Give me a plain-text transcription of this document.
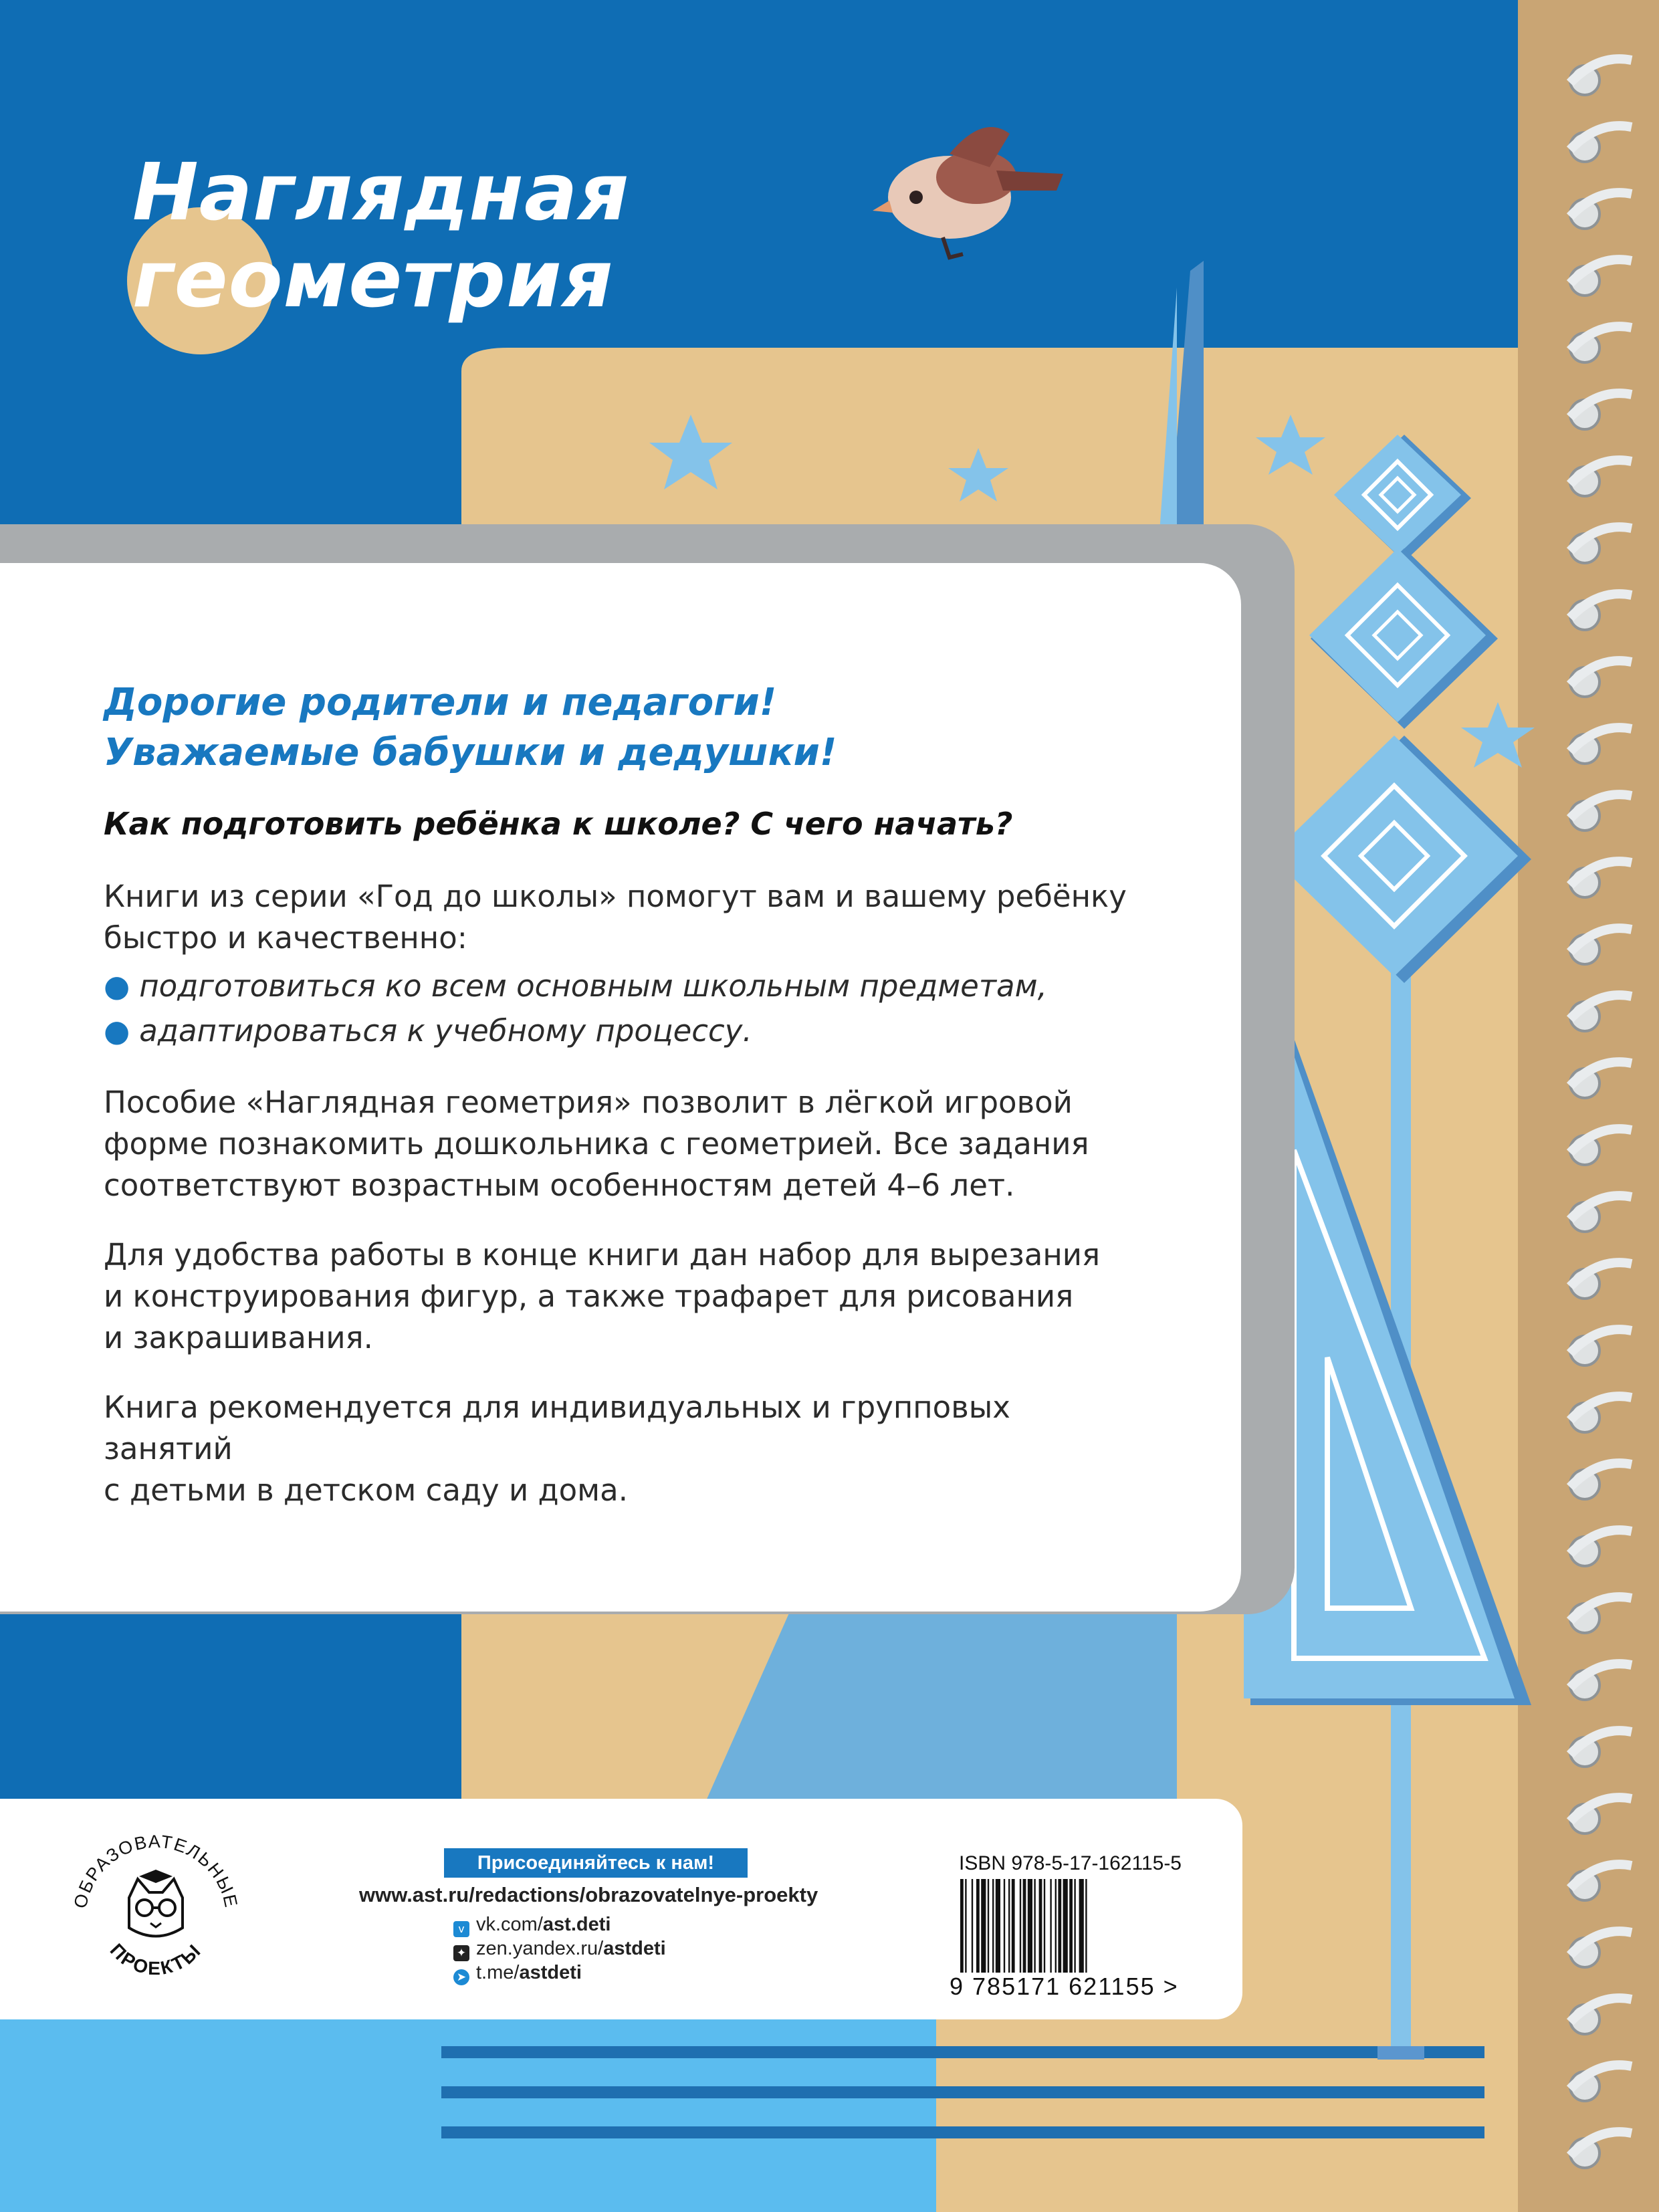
Наглядная
геометрия
Дорогие родители и педагоги!
Уважаемые бабушки и дедушки!
Как подготовить ребёнка к школе? С чего начать?
Книги из серии «Год до школы» помогут вам и вашему ребёнку
быстро и качественно:
● подготовиться ко всем основным школьным предметам,
● адаптироваться к учебному процессу.
Пособие «Наглядная геометрия» позволит в лёгкой игровой
форме познакомить дошкольника с геометрией. Все задания
соответствуют возрастным особенностям детей 4–6 лет.
Для удобства работы в конце книги дан набор для вырезания
и конструирования фигур, а также трафарет для рисования
и закрашивания.
Книга рекомендуется для индивидуальных и групповых занятий
с детьми в детском саду и дома.
ОБРАЗОВАТЕЛЬНЫЕ
ПРОЕКТЫ
Присоединяйтесь к нам!
www.ast.ru/redactions/obrazovatelnye-proekty
v vk.com/ast.deti
✦ zen.yandex.ru/astdeti
➤ t.me/astdeti
ISBN 978-5-17-162115-5
9 785171 621155 >
